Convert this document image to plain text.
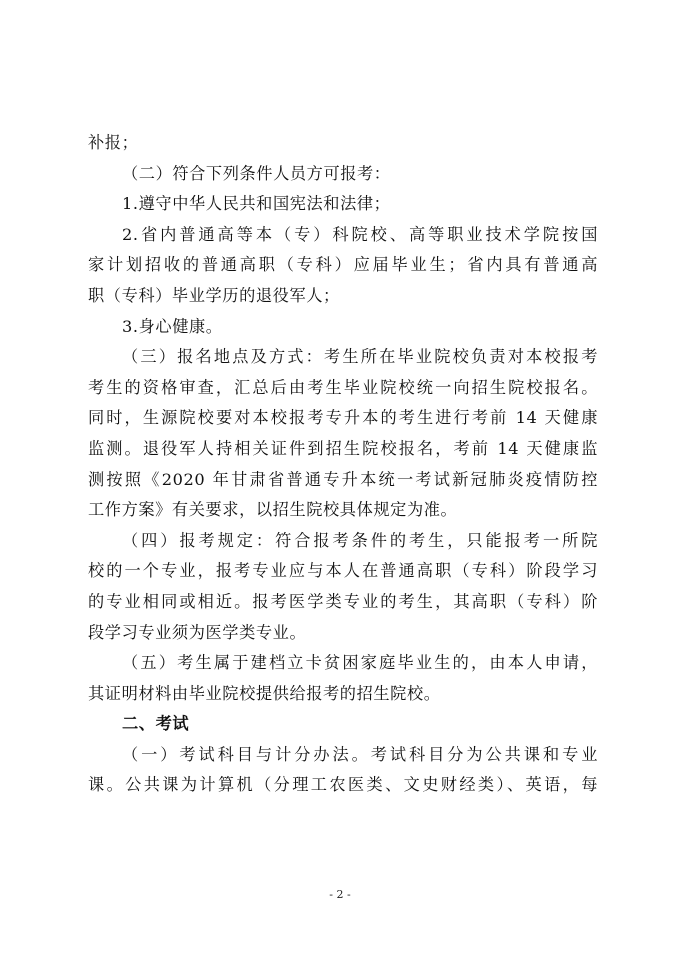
补报；
（二）符合下列条件人员方可报考：
1.遵守中华人民共和国宪法和法律；
2.省内普通高等本（专）科院校、高等职业技术学院按国
家计划招收的普通高职（专科）应届毕业生；省内具有普通高
职（专科）毕业学历的退役军人；
3.身心健康。
（三）报名地点及方式：考生所在毕业院校负责对本校报考
考生的资格审查，汇总后由考生毕业院校统一向招生院校报名。
同时，生源院校要对本校报考专升本的考生进行考前 14 天健康
监测。退役军人持相关证件到招生院校报名，考前 14 天健康监
测按照《2020 年甘肃省普通专升本统一考试新冠肺炎疫情防控
工作方案》有关要求，以招生院校具体规定为准。
（四）报考规定：符合报考条件的考生，只能报考一所院
校的一个专业，报考专业应与本人在普通高职（专科）阶段学习
的专业相同或相近。报考医学类专业的考生，其高职（专科）阶
段学习专业须为医学类专业。
（五）考生属于建档立卡贫困家庭毕业生的，由本人申请，
其证明材料由毕业院校提供给报考的招生院校。
二、考试
（一）考试科目与计分办法。考试科目分为公共课和专业
课。公共课为计算机（分理工农医类、文史财经类）、英语，每
- 2 -
